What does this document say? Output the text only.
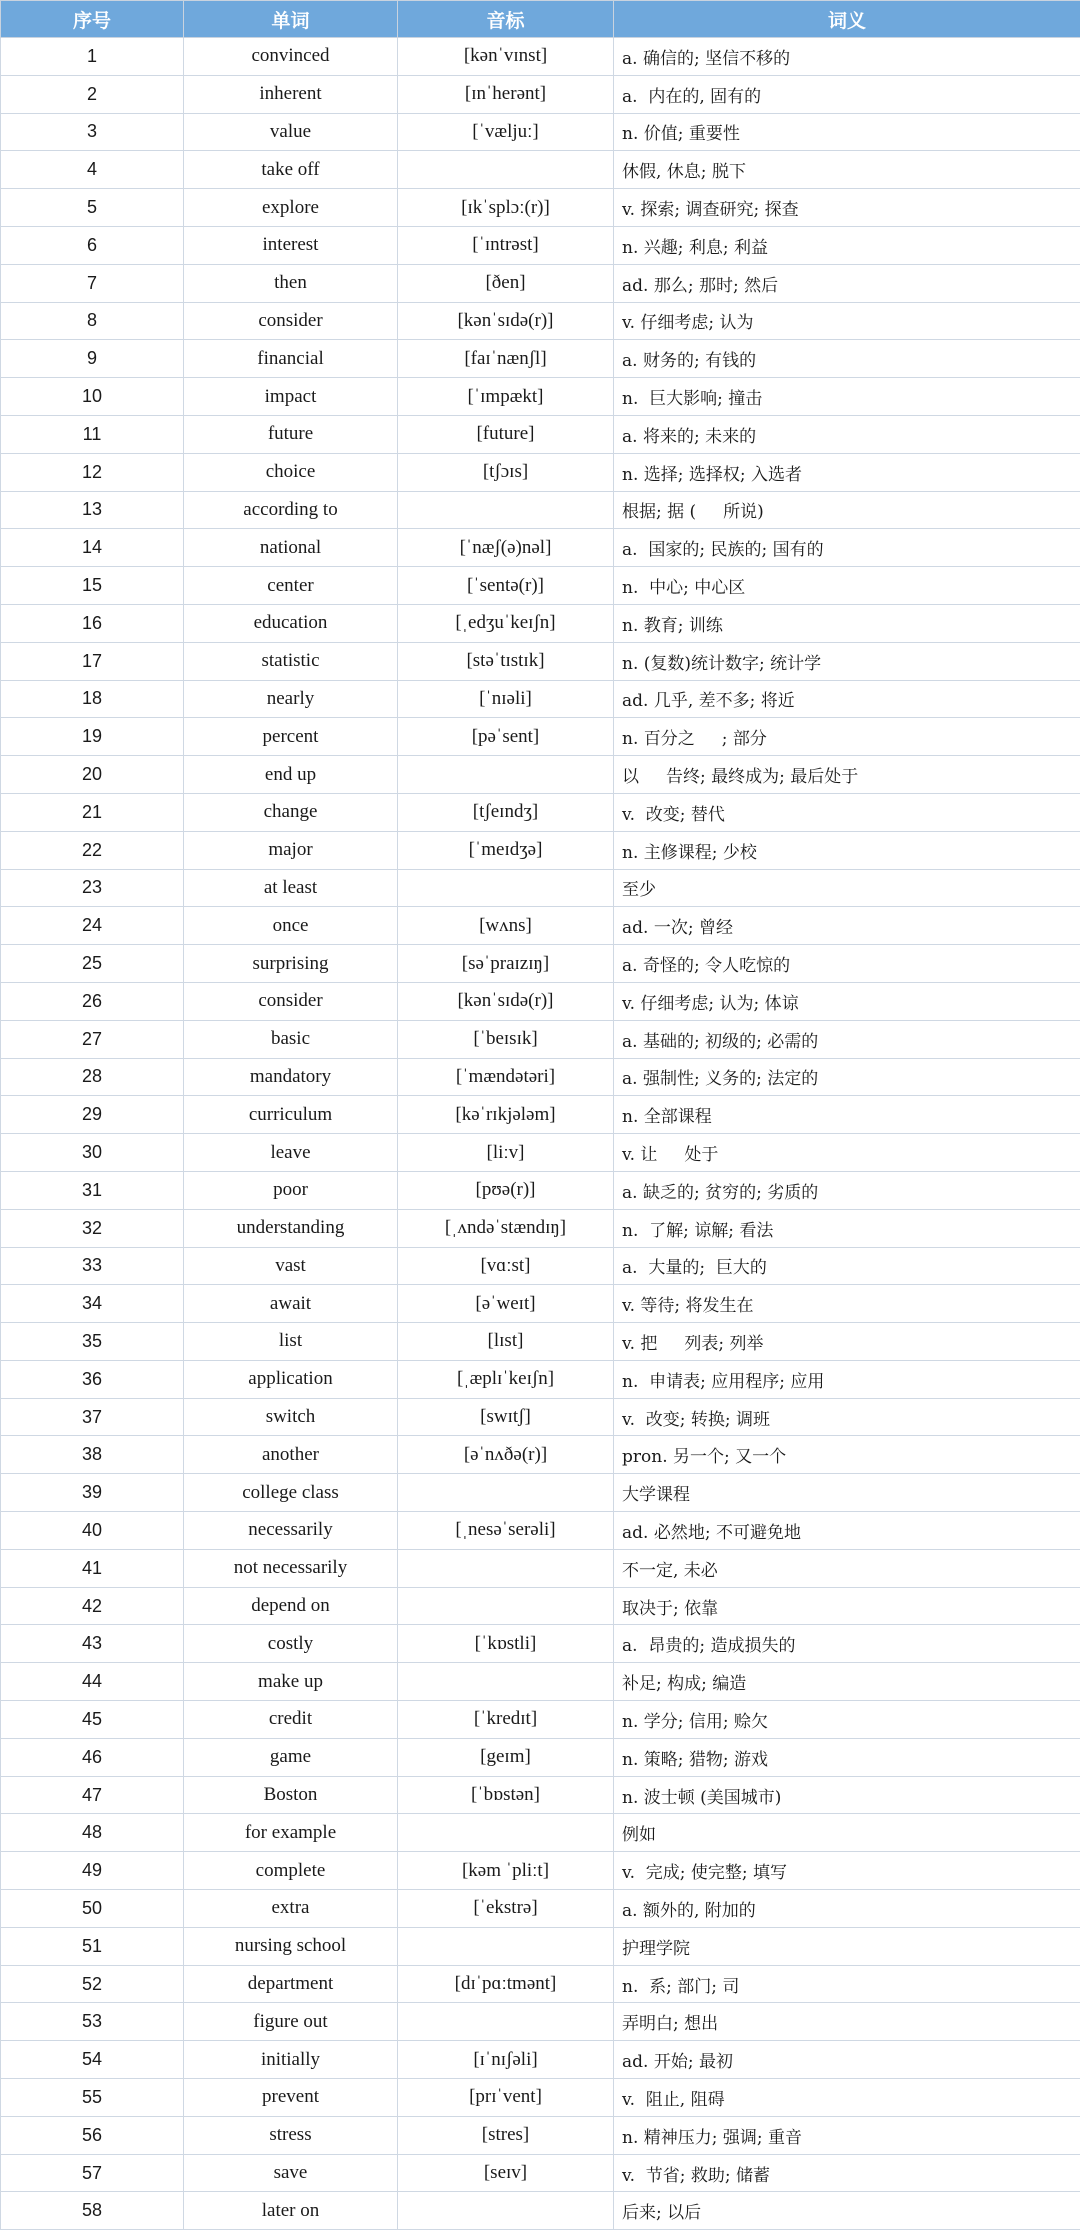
序号	单词	音标	词义
1	convinced	[kənˈvɪnst]	a. 确信的; 坚信不移的
2	inherent	[ɪnˈherənt]	a.  内在的, 固有的
3	value	[ˈvæljuː]	n. 价值; 重要性
4	take off		休假, 休息; 脱下
5	explore	[ɪkˈsplɔː(r)]	v. 探索; 调查研究; 探查
6	interest	[ˈɪntrəst]	n. 兴趣; 利息; 利益
7	then	[ðen]	ad. 那么; 那时; 然后
8	consider	[kənˈsɪdə(r)]	v. 仔细考虑; 认为
9	financial	[faɪˈnænʃl]	a. 财务的; 有钱的
10	impact	[ˈɪmpækt]	n.  巨大影响; 撞击
11	future	[future]	a. 将来的; 未来的
12	choice	[tʃɔɪs]	n. 选择; 选择权; 入选者
13	according to		根据; 据 (     所说)
14	national	[ˈnæʃ(ə)nəl]	a.  国家的; 民族的; 国有的
15	center	[ˈsentə(r)]	n.  中心; 中心区
16	education	[ˌedʒuˈkeɪʃn]	n. 教育; 训练
17	statistic	[stəˈtɪstɪk]	n. (复数)统计数字; 统计学
18	nearly	[ˈnɪəli]	ad. 几乎, 差不多; 将近
19	percent	[pəˈsent]	n. 百分之     ; 部分
20	end up		以     告终; 最终成为; 最后处于
21	change	[tʃeɪndʒ]	v.  改变; 替代
22	major	[ˈmeɪdʒə]	n. 主修课程; 少校
23	at least		至少
24	once	[wʌns]	ad. 一次; 曾经
25	surprising	[səˈpraɪzɪŋ]	a. 奇怪的; 令人吃惊的
26	consider	[kənˈsɪdə(r)]	v. 仔细考虑; 认为; 体谅
27	basic	[ˈbeɪsɪk]	a. 基础的; 初级的; 必需的
28	mandatory	[ˈmændətəri]	a. 强制性; 义务的; 法定的
29	curriculum	[kəˈrɪkjələm]	n. 全部课程
30	leave	[liːv]	v. 让     处于
31	poor	[pʊə(r)]	a. 缺乏的; 贫穷的; 劣质的
32	understanding	[ˌʌndəˈstændɪŋ]	n.  了解; 谅解; 看法
33	vast	[vɑːst]	a.  大量的;  巨大的
34	await	[əˈweɪt]	v. 等待; 将发生在
35	list	[lɪst]	v. 把     列表; 列举
36	application	[ˌæplɪˈkeɪʃn]	n.  申请表; 应用程序; 应用
37	switch	[swɪtʃ]	v.  改变; 转换; 调班
38	another	[əˈnʌðə(r)]	pron. 另一个; 又一个
39	college class		大学课程
40	necessarily	[ˌnesəˈserəli]	ad. 必然地; 不可避免地
41	not necessarily		不一定, 未必
42	depend on		取决于; 依靠
43	costly	[ˈkɒstli]	a.  昂贵的; 造成损失的
44	make up		补足; 构成; 编造
45	credit	[ˈkredɪt]	n. 学分; 信用; 赊欠
46	game	[geɪm]	n. 策略; 猎物; 游戏
47	Boston	[ˈbɒstən]	n. 波士顿 (美国城市)
48	for example		例如
49	complete	[kəm ˈpliːt]	v.  完成; 使完整; 填写
50	extra	[ˈekstrə]	a. 额外的, 附加的
51	nursing school		护理学院
52	department	[dɪˈpɑːtmənt]	n.  系; 部门; 司
53	figure out		弄明白; 想出
54	initially	[ɪˈnɪʃəli]	ad. 开始; 最初
55	prevent	[prɪˈvent]	v.  阻止, 阻碍
56	stress	[stres]	n. 精神压力; 强调; 重音
57	save	[seɪv]	v.  节省; 救助; 储蓄
58	later on		后来; 以后
